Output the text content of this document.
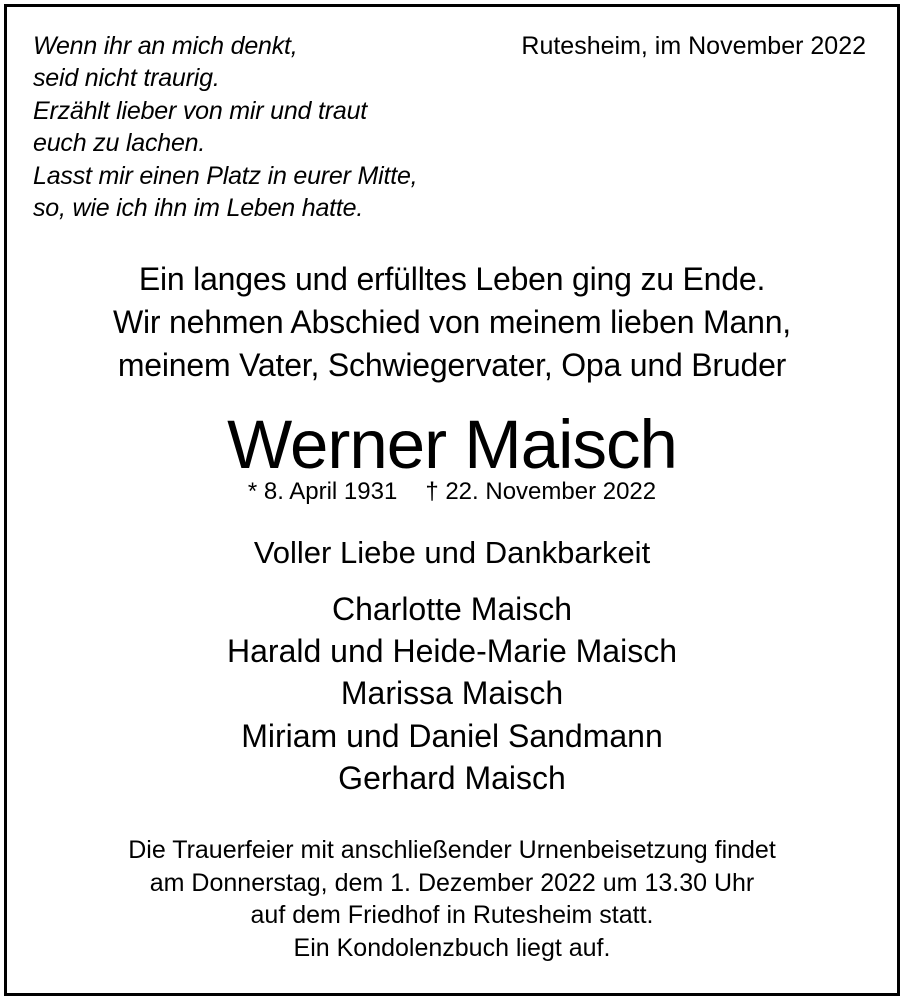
Wenn ihr an mich denkt,
seid nicht traurig.
Erzählt lieber von mir und traut
euch zu lachen.
Lasst mir einen Platz in eurer Mitte,
so, wie ich ihn im Leben hatte.
Rutesheim, im November 2022
Ein langes und erfülltes Leben ging zu Ende.
Wir nehmen Abschied von meinem lieben Mann,
meinem Vater, Schwiegervater, Opa und Bruder
Werner Maisch
* 8. April 1931 † 22. November 2022
Voller Liebe und Dankbarkeit
Charlotte Maisch
Harald und Heide-Marie Maisch
Marissa Maisch
Miriam und Daniel Sandmann
Gerhard Maisch
Die Trauerfeier mit anschließender Urnenbeisetzung findet
am Donnerstag, dem 1. Dezember 2022 um 13.30 Uhr
auf dem Friedhof in Rutesheim statt.
Ein Kondolenzbuch liegt auf.
